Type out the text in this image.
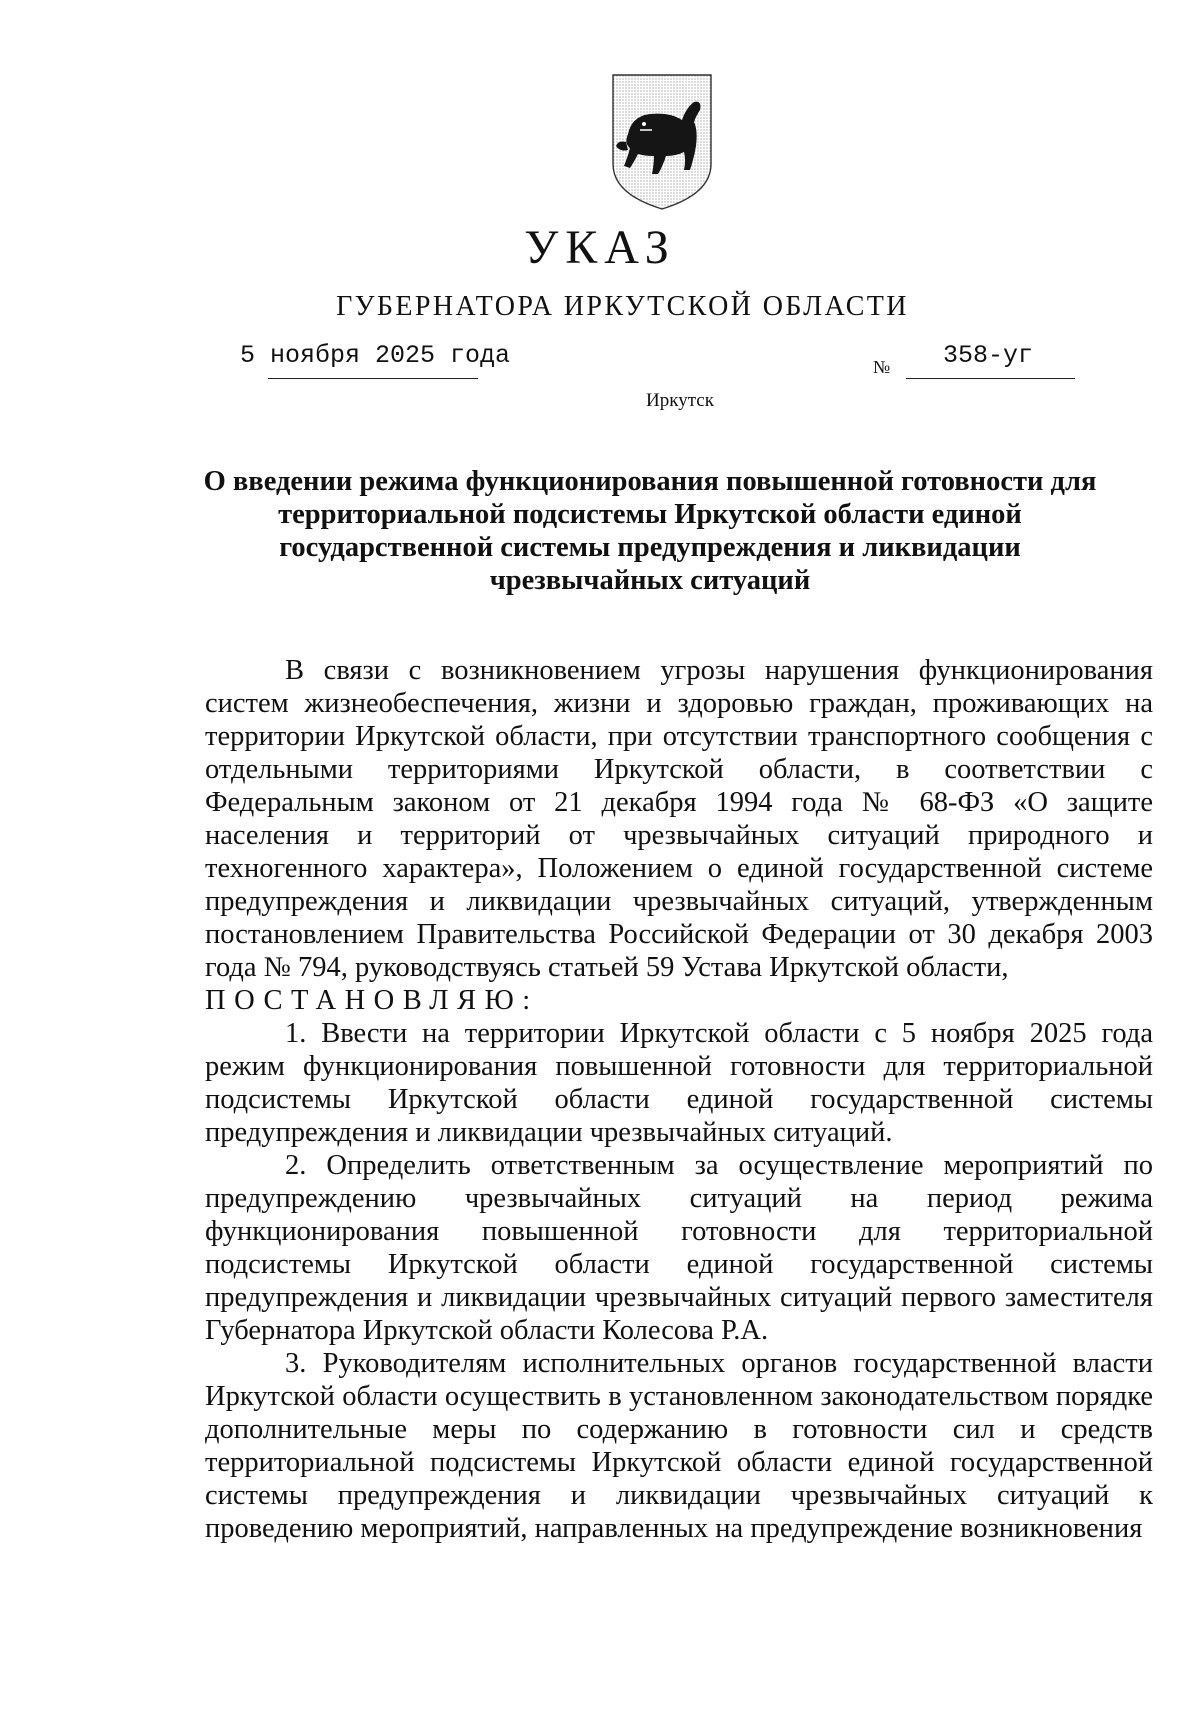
УКАЗ
ГУБЕРНАТОРА ИРКУТСКОЙ ОБЛАСТИ
5 ноября 2025 года	№ 358-уг
Иркутск
О введении режима функционирования повышенной готовности для территориальной подсистемы Иркутской области единой государственной системы предупреждения и ликвидации чрезвычайных ситуаций

В связи с возникновением угрозы нарушения функционирования систем жизнеобеспечения, жизни и здоровью граждан, проживающих на территории Иркутской области, при отсутствии транспортного сообщения с отдельными территориями Иркутской области, в соответствии с Федеральным законом от 21 декабря 1994 года № 68-ФЗ «О защите населения и территорий от чрезвычайных ситуаций природного и техногенного характера», Положением о единой государственной системе предупреждения и ликвидации чрезвычайных ситуаций, утвержденным постановлением Правительства Российской Федерации от 30 декабря 2003 года № 794, руководствуясь статьей 59 Устава Иркутской области,

ПОСТАНОВЛЯЮ:

1. Ввести на территории Иркутской области с 5 ноября 2025 года режим функционирования повышенной готовности для территориальной подсистемы Иркутской области единой государственной системы предупреждения и ликвидации чрезвычайных ситуаций.

2. Определить ответственным за осуществление мероприятий по предупреждению чрезвычайных ситуаций на период режима функционирования повышенной готовности для территориальной подсистемы Иркутской области единой государственной системы предупреждения и ликвидации чрезвычайных ситуаций первого заместителя Губернатора Иркутской области Колесова Р.А.

3. Руководителям исполнительных органов государственной власти Иркутской области осуществить в установленном законодательством порядке дополнительные меры по содержанию в готовности сил и средств территориальной подсистемы Иркутской области единой государственной системы предупреждения и ликвидации чрезвычайных ситуаций к проведению мероприятий, направленных на предупреждение возникновения
